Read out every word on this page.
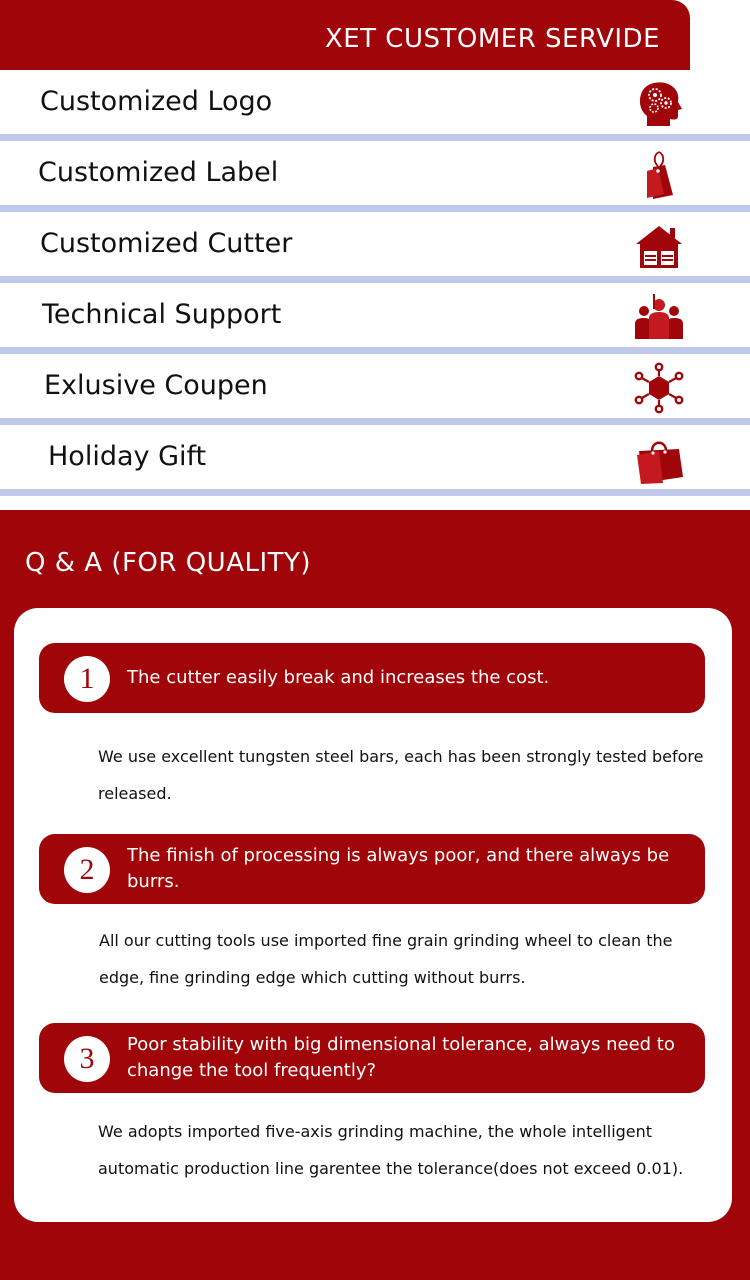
XET CUSTOMER SERVIDE
Customized Logo
Customized Label
Customized Cutter
Technical Support
Exlusive Coupen
Holiday Gift
Q & A (FOR QUALITY)
1	The cutter easily break and increases the cost.
We use excellent tungsten steel bars, each has been strongly tested before released.
2	The finish of processing is always poor, and there always be burrs.
All our cutting tools use imported fine grain grinding wheel to clean the edge, fine grinding edge which cutting without burrs.
3	Poor stability with big dimensional tolerance, always need to change the tool frequently?
We adopts imported five-axis grinding machine, the whole intelligent automatic production line garentee the tolerance(does not exceed 0.01).
